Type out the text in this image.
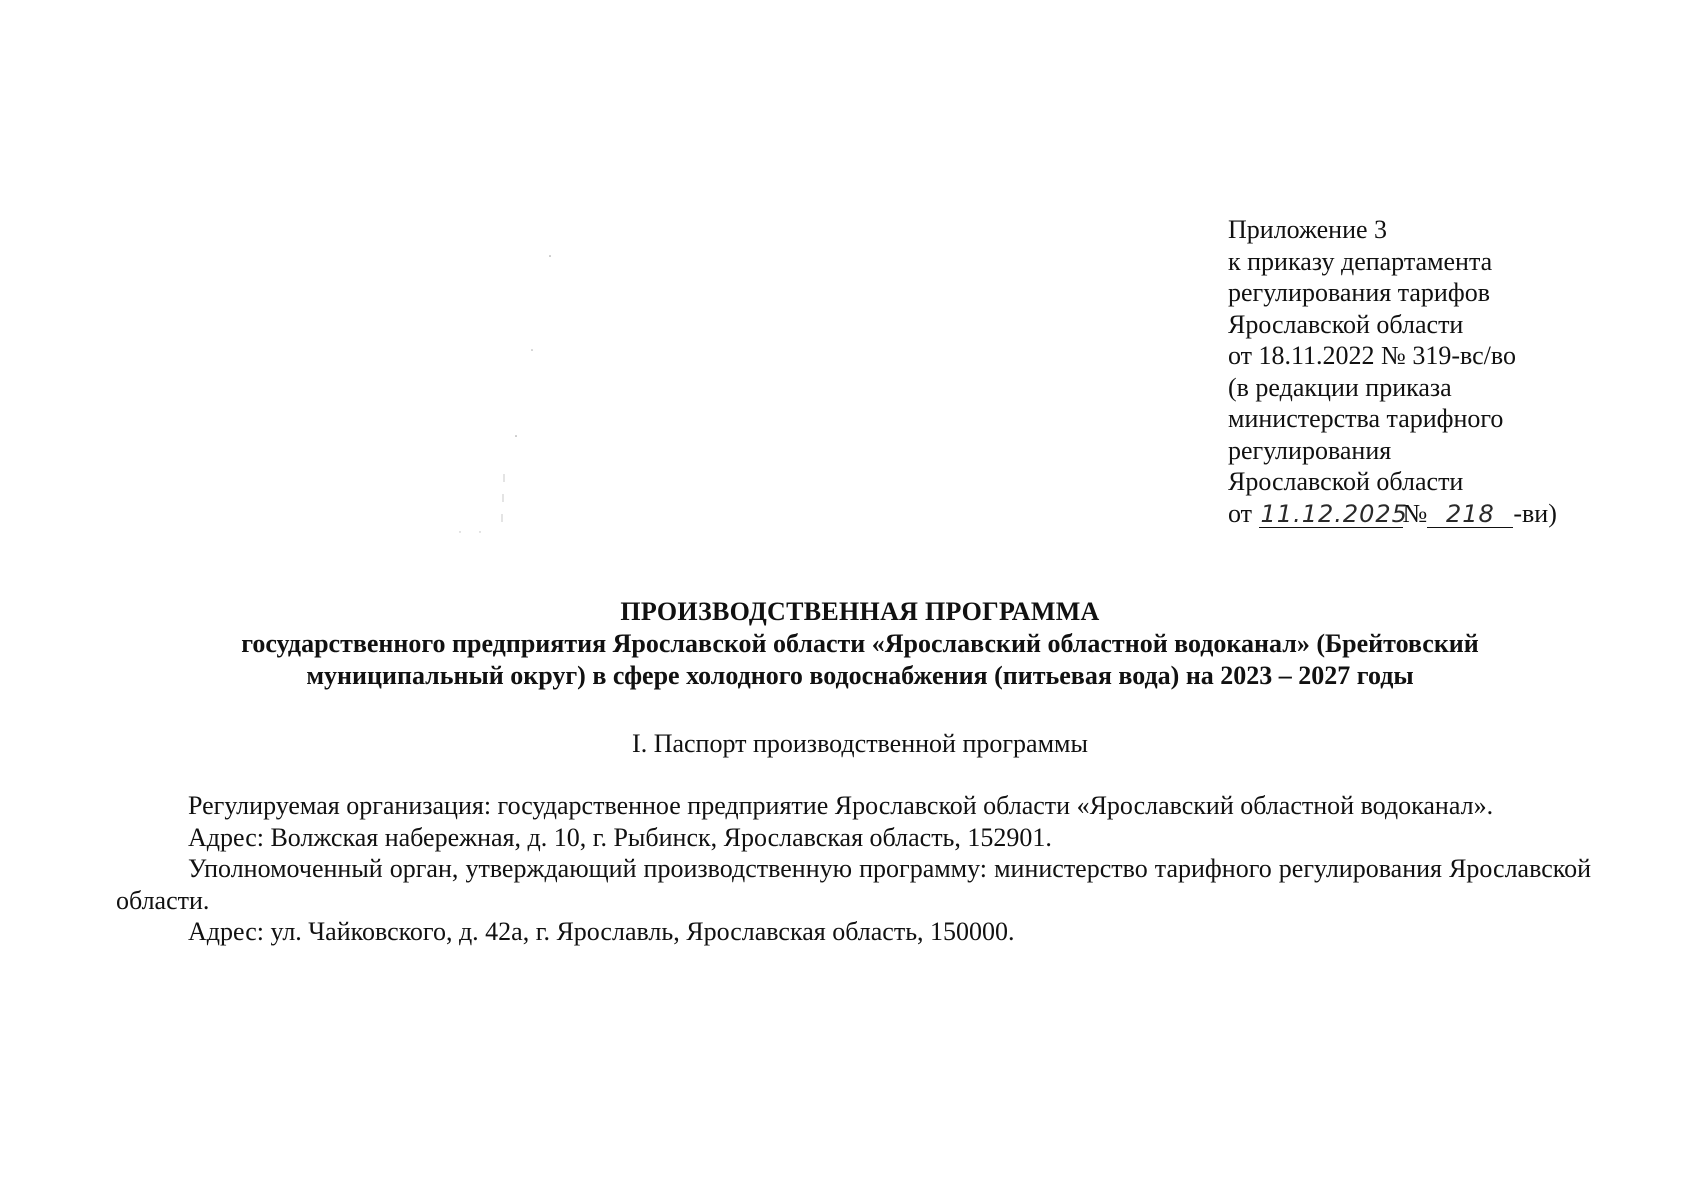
Приложение 3
к приказу департамента
регулирования тарифов
Ярославской области
от 18.11.2022 № 319-вс/во
(в редакции приказа
министерства тарифного
регулирования
Ярославской области
от 11.12.2025№ 218 -ви)
ПРОИЗВОДСТВЕННАЯ ПРОГРАММА
государственного предприятия Ярославской области «Ярославский областной водоканал» (Брейтовский
муниципальный округ) в сфере холодного водоснабжения (питьевая вода) на 2023 – 2027 годы
I. Паспорт производственной программы

Регулируемая организация: государственное предприятие Ярославской области «Ярославский областной водоканал».

Адрес: Волжская набережная, д. 10, г. Рыбинск, Ярославская область, 152901.

Уполномоченный орган, утверждающий производственную программу: министерство тарифного регулирования Ярославской области.

Адрес: ул. Чайковского, д. 42а, г. Ярославль, Ярославская область, 150000.
